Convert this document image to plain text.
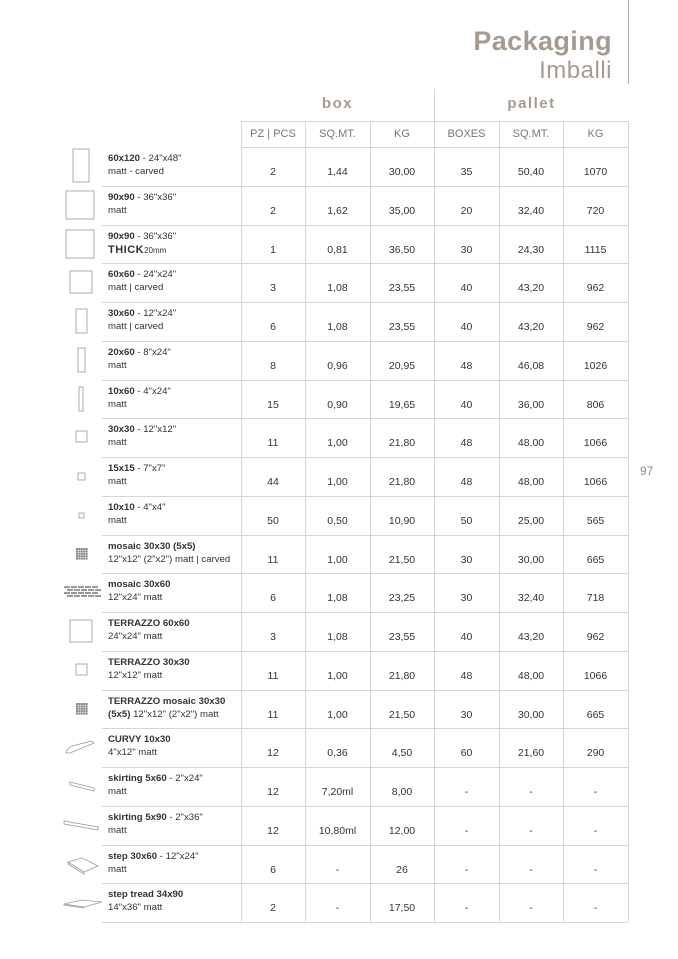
Packaging
Imballi
97
box	pallet
PZ | PCS	SQ.MT.	KG	BOXES	SQ.MT.	KG
60x120 - 24"x48"
matt - carved	2	1,44	30,00	35	50,40	1070
90x90 - 36"x36"
matt	2	1,62	35,00	20	32,40	720
90x90 - 36"x36"
THICK20mm	1	0,81	36,50	30	24,30	1115
60x60 - 24"x24"
matt | carved	3	1,08	23,55	40	43,20	962
30x60 - 12"x24"
matt | carved	6	1,08	23,55	40	43,20	962
20x60 - 8"x24"
matt	8	0,96	20,95	48	46,08	1026
10x60 - 4"x24"
matt	15	0,90	19,65	40	36,00	806
30x30 - 12"x12"
matt	11	1,00	21,80	48	48,00	1066
15x15 - 7"x7"
matt	44	1,00	21,80	48	48,00	1066
10x10 - 4"x4"
matt	50	0,50	10,90	50	25,00	565
mosaic 30x30 (5x5)
12"x12" (2"x2") matt | carved	11	1,00	21,50	30	30,00	665
mosaic 30x60
12"x24" matt	6	1,08	23,25	30	32,40	718
TERRAZZO 60x60
24"x24" matt	3	1,08	23,55	40	43,20	962
TERRAZZO 30x30
12"x12" matt	11	1,00	21,80	48	48,00	1066
TERRAZZO mosaic 30x30
(5x5) 12"x12" (2"x2") matt	11	1,00	21,50	30	30,00	665
CURVY 10x30
4"x12" matt	12	0,36	4,50	60	21,60	290
skirting 5x60 - 2"x24"
matt	12	7,20ml	8,00	-	-	-
skirting 5x90 - 2"x36"
matt	12	10,80ml	12,00	-	-	-
step 30x60 - 12"x24"
matt	6	-	26	-	-	-
step tread 34x90
14"x36" matt	2	-	17,50	-	-	-
